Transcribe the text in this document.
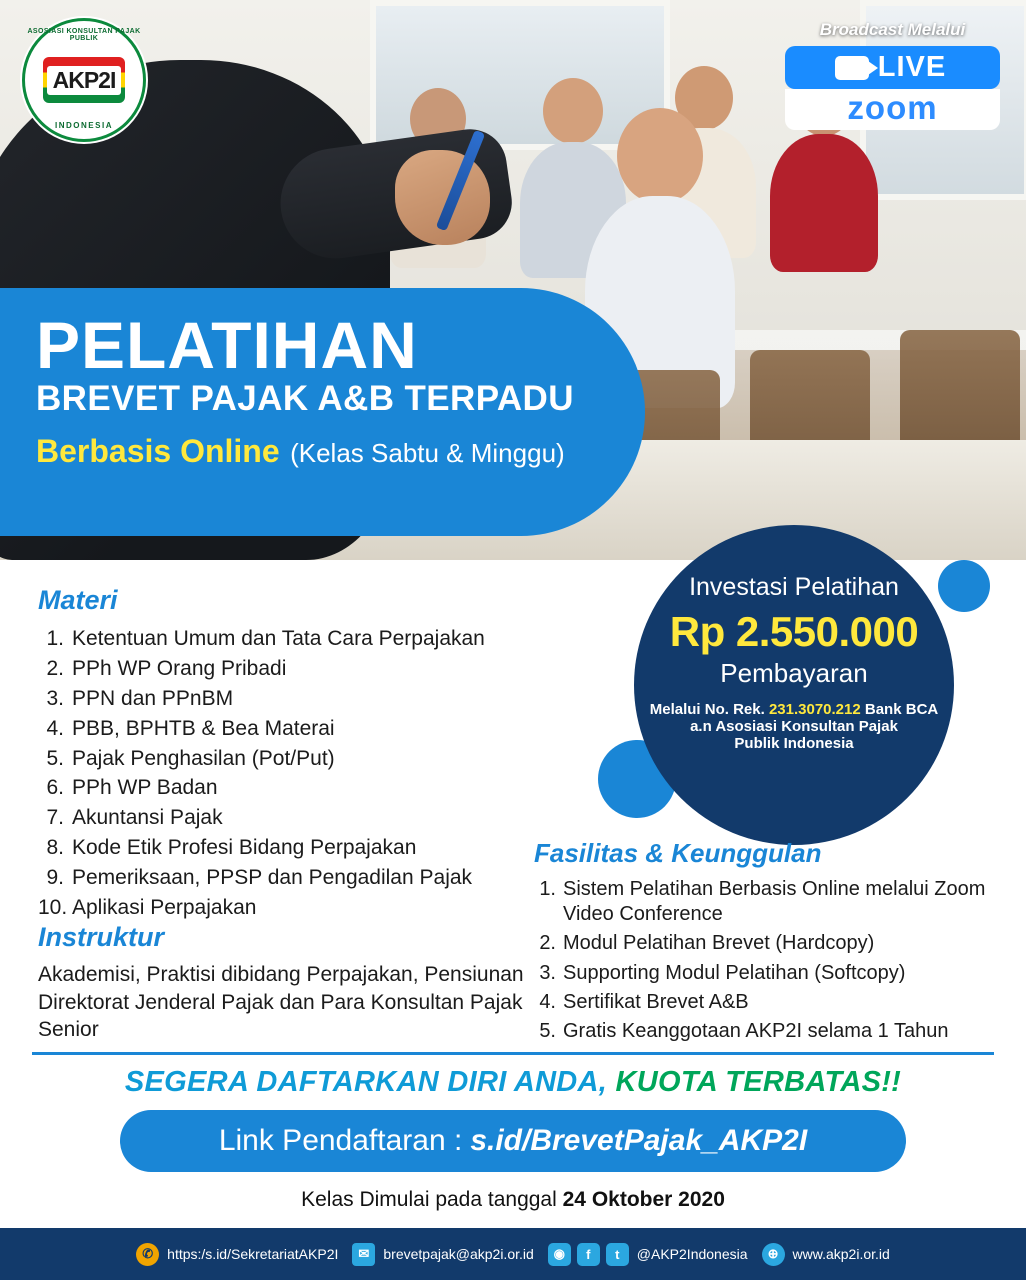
ASOSIASI KONSULTAN PAJAK PUBLIK
AKP2I
INDONESIA
Broadcast Melalui
LIVE
zoom
PELATIHAN
BREVET PAJAK A&B TERPADU
Berbasis Online (Kelas Sabtu & Minggu)
Investasi Pelatihan
Rp 2.550.000
Pembayaran
Melalui No. Rek. 231.3070.212 Bank BCA
a.n Asosiasi Konsultan Pajak
Publik Indonesia
Materi
1. Ketentuan Umum dan Tata Cara Perpajakan
2. PPh WP Orang Pribadi
3. PPN dan PPnBM
4. PBB, BPHTB & Bea Materai
5. Pajak Penghasilan (Pot/Put)
6. PPh WP Badan
7. Akuntansi Pajak
8. Kode Etik Profesi Bidang Perpajakan
9. Pemeriksaan, PPSP dan Pengadilan Pajak
10. Aplikasi Perpajakan
Instruktur

Akademisi, Praktisi dibidang Perpajakan, Pensiunan Direktorat Jenderal Pajak dan Para Konsultan Pajak Senior

Fasilitas & Keunggulan
1. Sistem Pelatihan Berbasis Online melalui Zoom Video Conference
2. Modul Pelatihan Brevet (Hardcopy)
3. Supporting Modul Pelatihan (Softcopy)
4. Sertifikat Brevet A&B
5. Gratis Keanggotaan AKP2I selama 1 Tahun
SEGERA DAFTARKAN DIRI ANDA, KUOTA TERBATAS!!
Link Pendaftaran : s.id/BrevetPajak_AKP2I
Kelas Dimulai pada tanggal 24 Oktober 2020
✆	https:/s.id/SekretariatAKP2I	✉	brevetpajak@akp2i.or.id	◉	f	t	@AKP2Indonesia	⊕	www.akp2i.or.id
